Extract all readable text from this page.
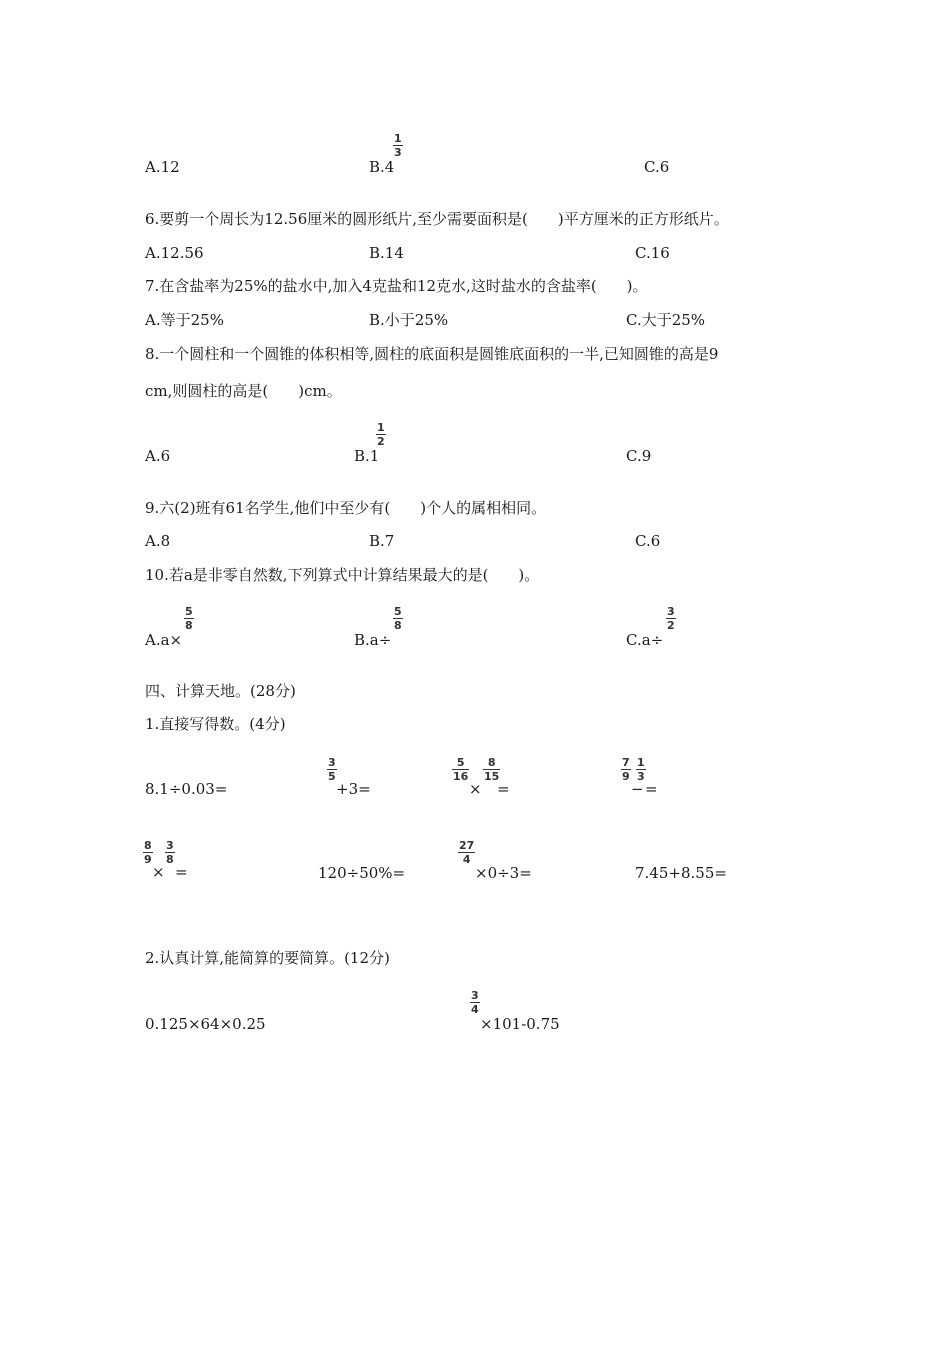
A.12	B.4
1
3
C.6
6.要剪一个周长为12.56厘米的圆形纸片,至少需要面积是(　　)平方厘米的正方形纸片。
A.12.56	B.14	C.16
7.在含盐率为25%的盐水中,加入4克盐和12克水,这时盐水的含盐率(　　)。
A.等于25%	B.小于25%	C.大于25%
8.一个圆柱和一个圆锥的体积相等,圆柱的底面积是圆锥底面积的一半,已知圆锥的高是9
cm,则圆柱的高是(　　)cm。
A.6	B.1
1
2
C.9
9.六(2)班有61名学生,他们中至少有(　　)个人的属相相同。
A.8	B.7	C.6
10.若a是非零自然数,下列算式中计算结果最大的是(　　)。
A.a×
5
8
B.a÷
5
8
C.a÷
3
2
四、计算天地。(28分)
1.直接写得数。(4分)
8.1÷0.03=
3
5
+3=
5
16
×
8
15
=
7
9
−
1
3
=
8
9
×
3
8
=	120÷50%=
27
4
×0÷3=	7.45+8.55=
2.认真计算,能简算的要简算。(12分)
0.125×64×0.25
3
4
×101-0.75
